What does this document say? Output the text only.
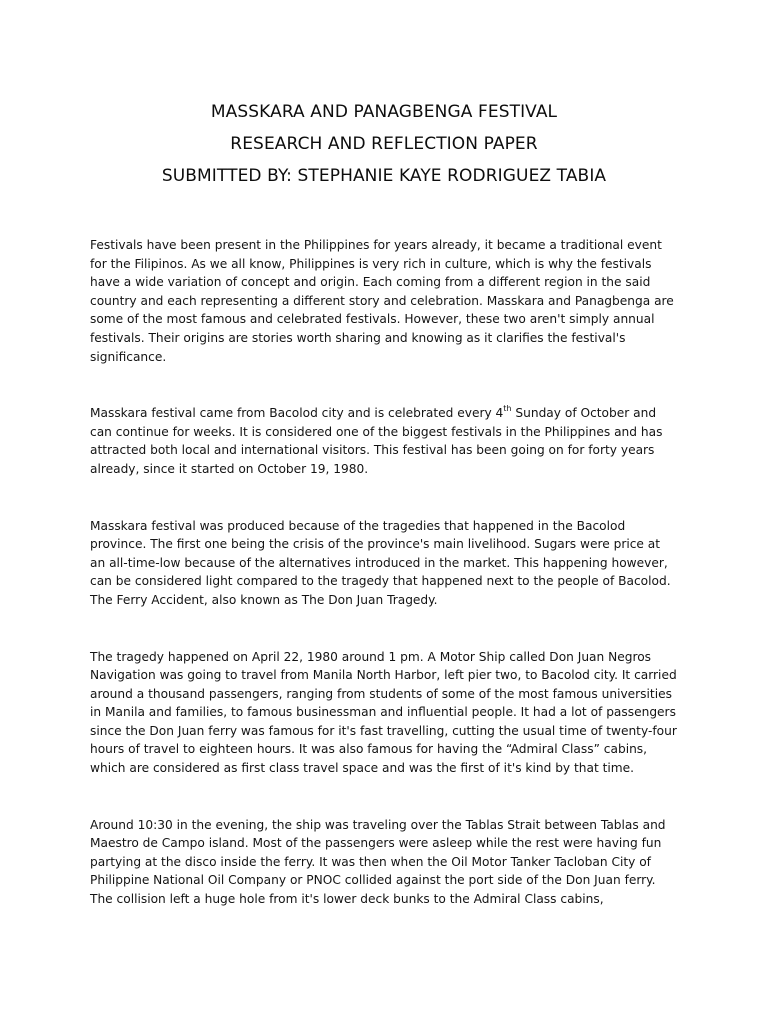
MASSKARA AND PANAGBENGA FESTIVAL
RESEARCH AND REFLECTION PAPER
SUBMITTED BY: STEPHANIE KAYE RODRIGUEZ TABIA

Festivals have been present in the Philippines for years already, it became a traditional event for the Filipinos. As we all know, Philippines is very rich in culture, which is why the festivals have a wide variation of concept and origin. Each coming from a different region in the said country and each representing a different story and celebration. Masskara and Panagbenga are some of the most famous and celebrated festivals. However, these two aren't simply annual festivals. Their origins are stories worth sharing and knowing as it clarifies the festival's significance.

Masskara festival came from Bacolod city and is celebrated every 4th Sunday of October and can continue for weeks. It is considered one of the biggest festivals in the Philippines and has attracted both local and international visitors. This festival has been going on for forty years already, since it started on October 19, 1980.

Masskara festival was produced because of the tragedies that happened in the Bacolod province. The first one being the crisis of the province's main livelihood. Sugars were price at an all-time-low because of the alternatives introduced in the market. This happening however, can be considered light compared to the tragedy that happened next to the people of Bacolod. The Ferry Accident, also known as The Don Juan Tragedy.

The tragedy happened on April 22, 1980 around 1 pm. A Motor Ship called Don Juan Negros Navigation was going to travel from Manila North Harbor, left pier two, to Bacolod city. It carried around a thousand passengers, ranging from students of some of the most famous universities in Manila and families, to famous businessman and influential people. It had a lot of passengers since the Don Juan ferry was famous for it's fast travelling, cutting the usual time of twenty-four hours of travel to eighteen hours. It was also famous for having the “Admiral Class” cabins, which are considered as first class travel space and was the first of it's kind by that time.

Around 10:30 in the evening, the ship was traveling over the Tablas Strait between Tablas and Maestro de Campo island. Most of the passengers were asleep while the rest were having fun partying at the disco inside the ferry. It was then when the Oil Motor Tanker Tacloban City of Philippine National Oil Company or PNOC collided against the port side of the Don Juan ferry. The collision left a huge hole from it's lower deck bunks to the Admiral Class cabins,
